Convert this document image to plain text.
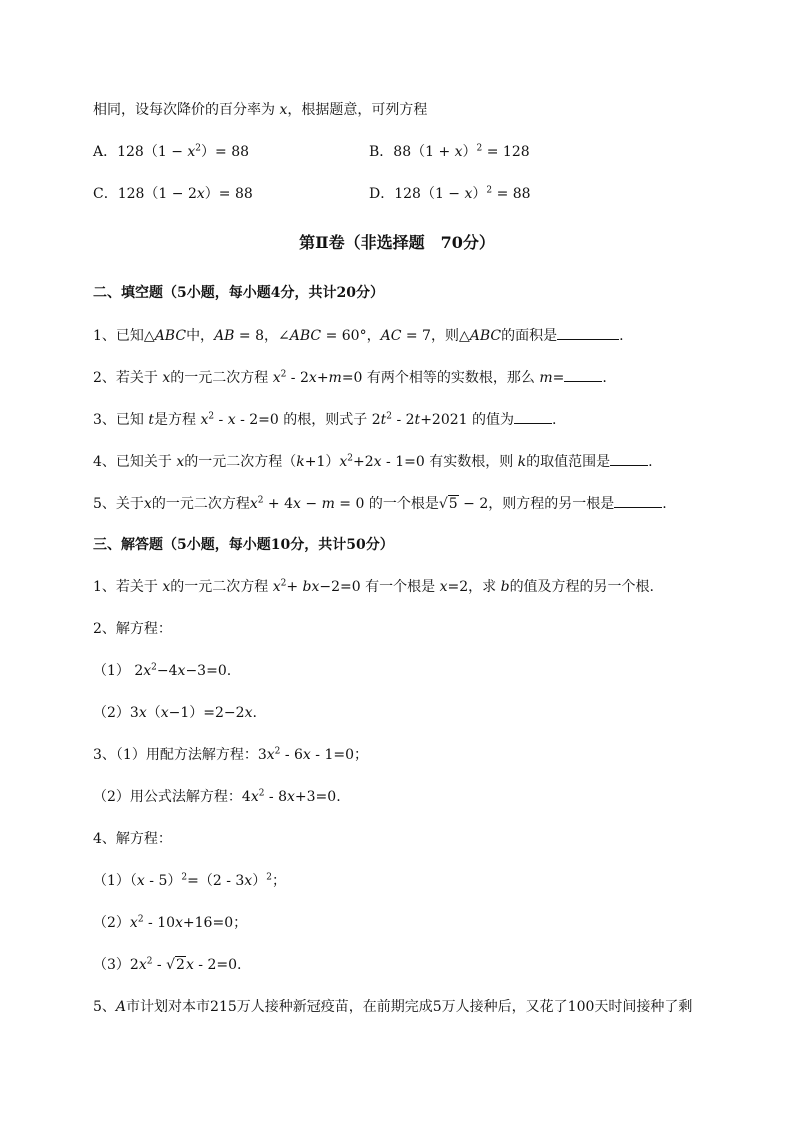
相同，设每次降价的百分率为 x，根据题意，可列方程
A．$128(1 - x^2)= 88$	B．$88(1 + x)^2 = 128$
C．128（1 − 2x）= 88	D．$128(1 - x)^2 = 88$
第Ⅱ卷（非选择题　70分）
二、填空题（5小题，每小题4分，共计20分）
1、已知△ABC中，AB = 8，∠ABC = 60°，AC = 7，则△ABC的面积是	.
2、若关于 x的一元二次方程 $x^2 - 2x+m=0$ 有两个相等的实数根，那么 m=	.
3、已知 t是方程 $x^2 - x - 2=0$ 的根，则式子 $2t^2 - 2t+2021$ 的值为	.
4、已知关于 x的一元二次方程$(k+1)x^2+2x - 1=0$ 有实数根，则 k的取值范围是	.
5、关于x的一元二次方程$x^2 + 4x - m = 0$ 的一个根是√5 − 2，则方程的另一根是	.
三、解答题（5小题，每小题10分，共计50分）
1、若关于 x的一元二次方程 $x^2+ bx-2=0$ 有一个根是 x=2，求 b的值及方程的另一个根.
2、解方程：
（1） $2x^2-4x-3=0$.
（2）3x（x−1）=2−2x.
3、（1）用配方法解方程：$3x^2 - 6x - 1=0$；
（2）用公式法解方程：$4x^2 - 8x+3=0$.
4、解方程：
（1）（x - 5）$^2$=（2 - 3x）$^2$；
$(2)x^2 - 10x+16=0$；
$(3)2x^2 - √2x - 2=0$.
5、A市计划对本市215万人接种新冠疫苗，在前期完成5万人接种后，又花了100天时间接种了剩
